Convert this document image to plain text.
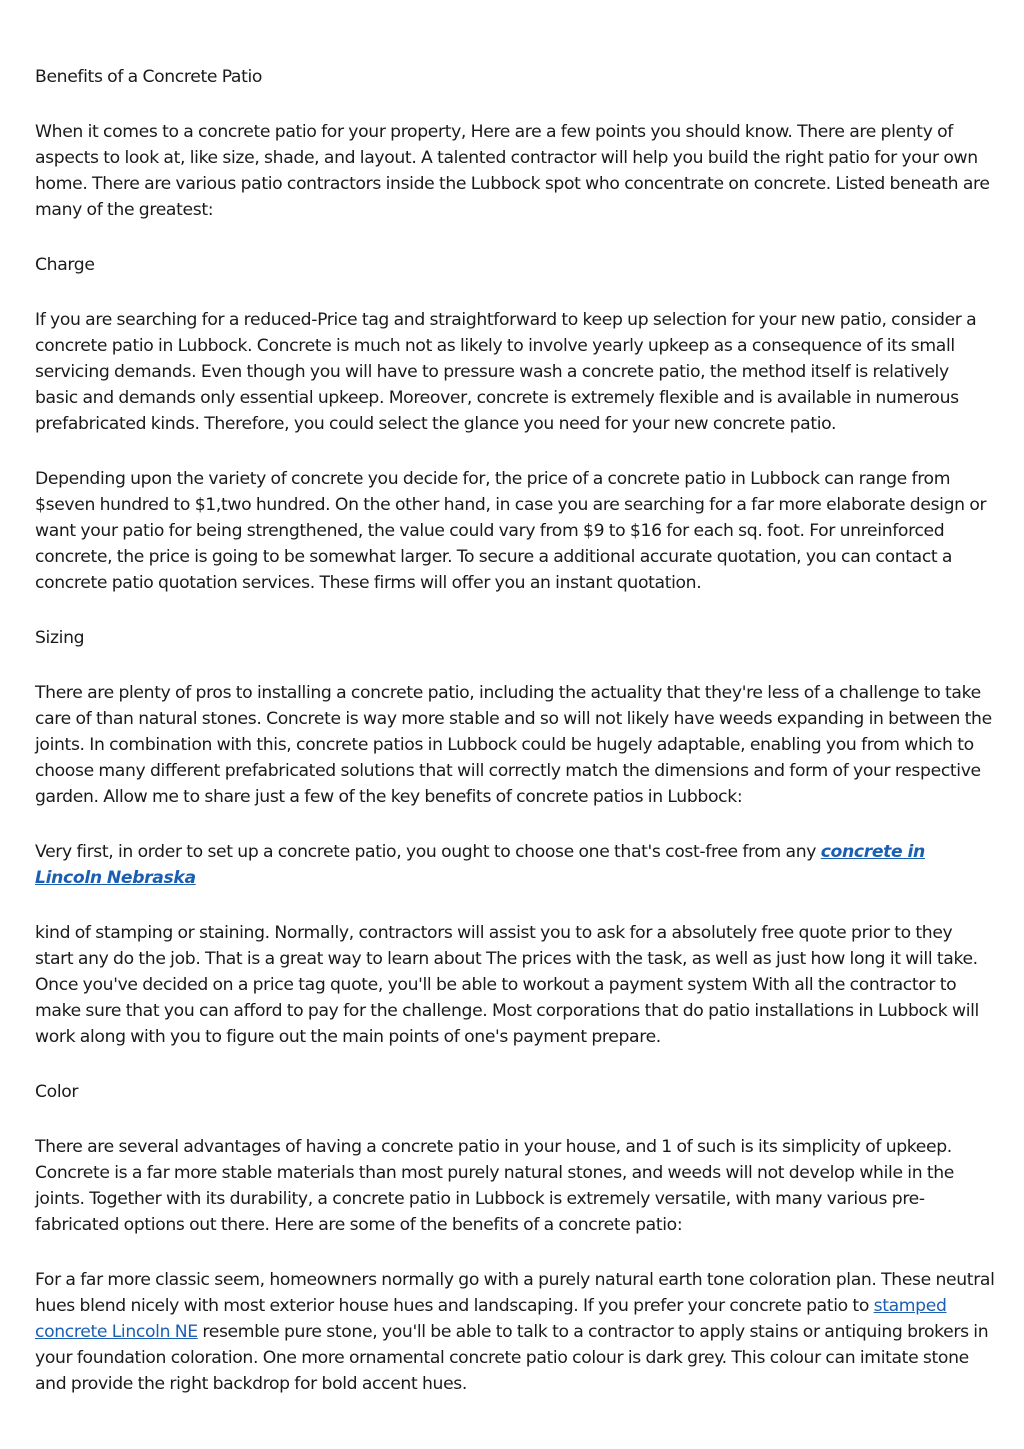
Benefits of a Concrete Patio

When it comes to a concrete patio for your property, Here are a few points you should know. There are plenty of aspects to look at, like size, shade, and layout. A talented contractor will help you build the right patio for your own home. There are various patio contractors inside the Lubbock spot who concentrate on concrete. Listed beneath are many of the greatest:

Charge

If you are searching for a reduced-Price tag and straightforward to keep up selection for your new patio, consider a concrete patio in Lubbock. Concrete is much not as likely to involve yearly upkeep as a consequence of its small servicing demands. Even though you will have to pressure wash a concrete patio, the method itself is relatively basic and demands only essential upkeep. Moreover, concrete is extremely flexible and is available in numerous prefabricated kinds. Therefore, you could select the glance you need for your new concrete patio.

Depending upon the variety of concrete you decide for, the price of a concrete patio in Lubbock can range from $seven hundred to $1,two hundred. On the other hand, in case you are searching for a far more elaborate design or want your patio for being strengthened, the value could vary from $9 to $16 for each sq. foot. For unreinforced concrete, the price is going to be somewhat larger. To secure a additional accurate quotation, you can contact a concrete patio quotation services. These firms will offer you an instant quotation.

Sizing

There are plenty of pros to installing a concrete patio, including the actuality that they're less of a challenge to take care of than natural stones. Concrete is way more stable and so will not likely have weeds expanding in between the joints. In combination with this, concrete patios in Lubbock could be hugely adaptable, enabling you from which to choose many different prefabricated solutions that will correctly match the dimensions and form of your respective garden. Allow me to share just a few of the key benefits of concrete patios in Lubbock:

Very first, in order to set up a concrete patio, you ought to choose one that's cost-free from any concrete in Lincoln Nebraska

kind of stamping or staining. Normally, contractors will assist you to ask for a absolutely free quote prior to they start any do the job. That is a great way to learn about The prices with the task, as well as just how long it will take. Once you've decided on a price tag quote, you'll be able to workout a payment system With all the contractor to make sure that you can afford to pay for the challenge. Most corporations that do patio installations in Lubbock will work along with you to figure out the main points of one's payment prepare.

Color

There are several advantages of having a concrete patio in your house, and 1 of such is its simplicity of upkeep. Concrete is a far more stable materials than most purely natural stones, and weeds will not develop while in the joints. Together with its durability, a concrete patio in Lubbock is extremely versatile, with many various pre-fabricated options out there. Here are some of the benefits of a concrete patio:

For a far more classic seem, homeowners normally go with a purely natural earth tone coloration plan. These neutral hues blend nicely with most exterior house hues and landscaping. If you prefer your concrete patio to stamped concrete Lincoln NE resemble pure stone, you'll be able to talk to a contractor to apply stains or antiquing brokers in your foundation coloration. One more ornamental concrete patio colour is dark grey. This colour can imitate stone and provide the right backdrop for bold accent hues.
